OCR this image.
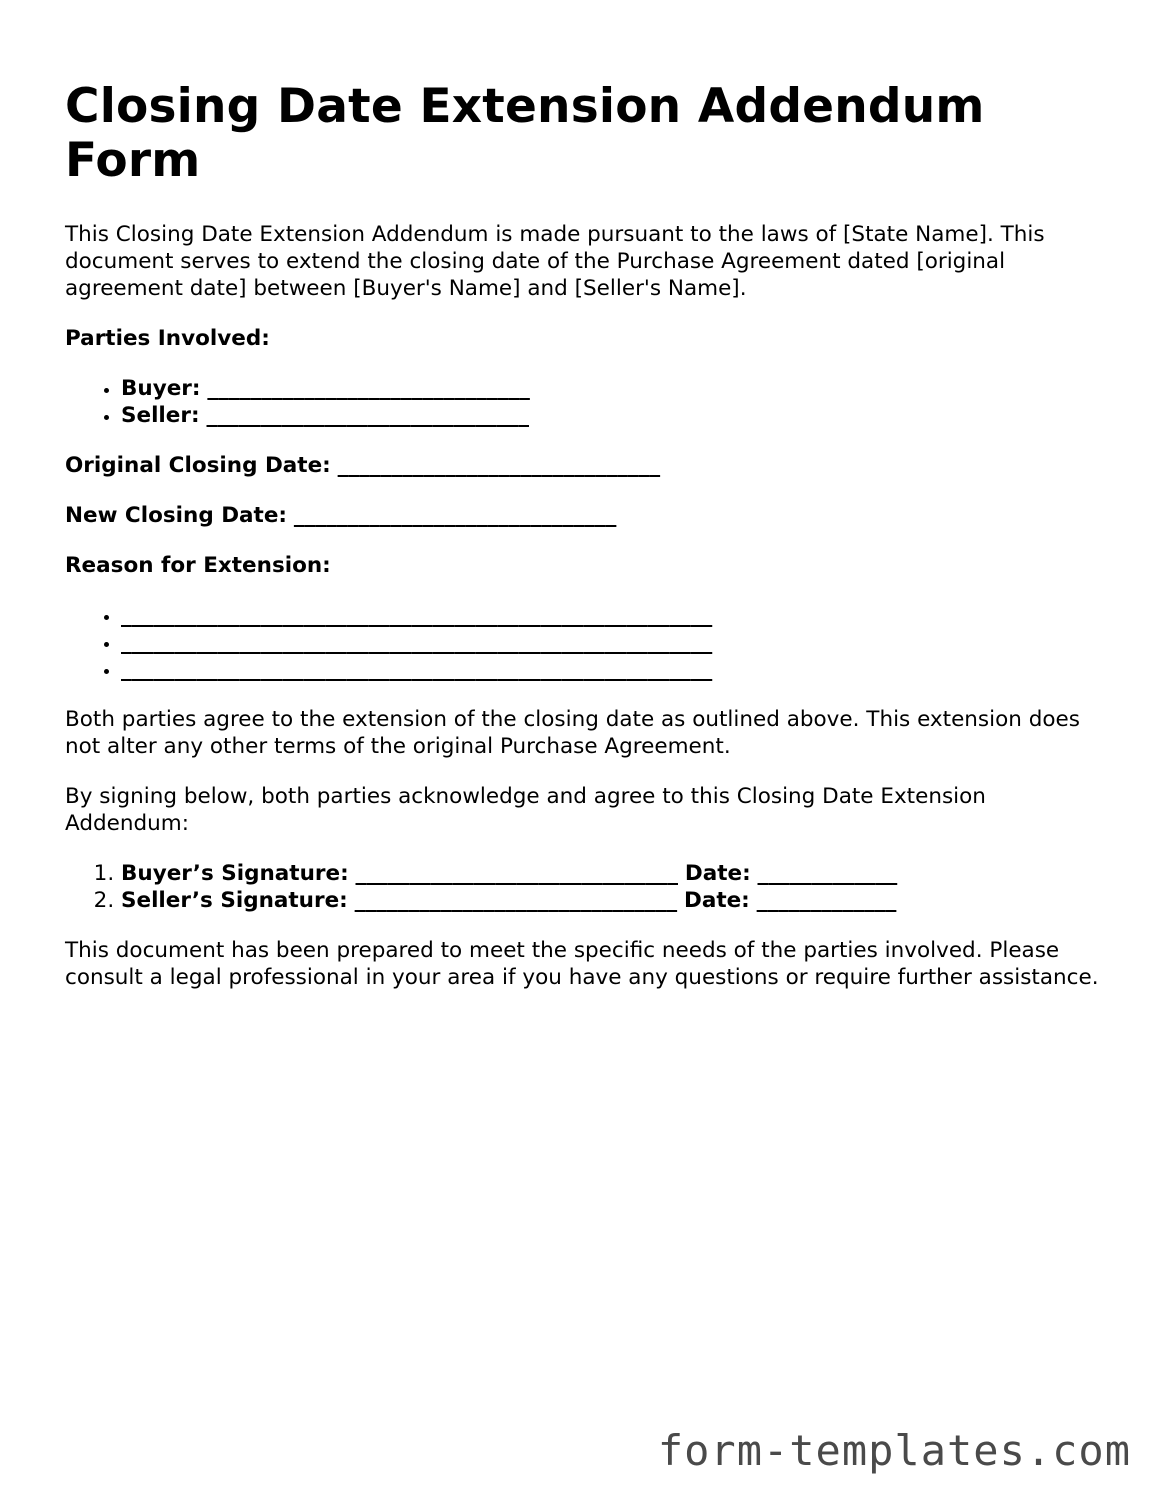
Closing Date Extension Addendum Form

This Closing Date Extension Addendum is made pursuant to the laws of [State Name]. This document serves to extend the closing date of the Purchase Agreement dated [original agreement date] between [Buyer's Name] and [Seller's Name].

Parties Involved:

• Buyer: ______________________________
• Seller: ______________________________

Original Closing Date: ______________________________

New Closing Date: ______________________________

Reason for Extension:

• _______________________________________________________
• _______________________________________________________
• _______________________________________________________

Both parties agree to the extension of the closing date as outlined above. This extension does not alter any other terms of the original Purchase Agreement.

By signing below, both parties acknowledge and agree to this Closing Date Extension Addendum:

1. Buyer’s Signature: ______________________________ Date: _____________
2. Seller’s Signature: ______________________________ Date: _____________

This document has been prepared to meet the specific needs of the parties involved. Please consult a legal professional in your area if you have any questions or require further assistance.

form-templates.com
